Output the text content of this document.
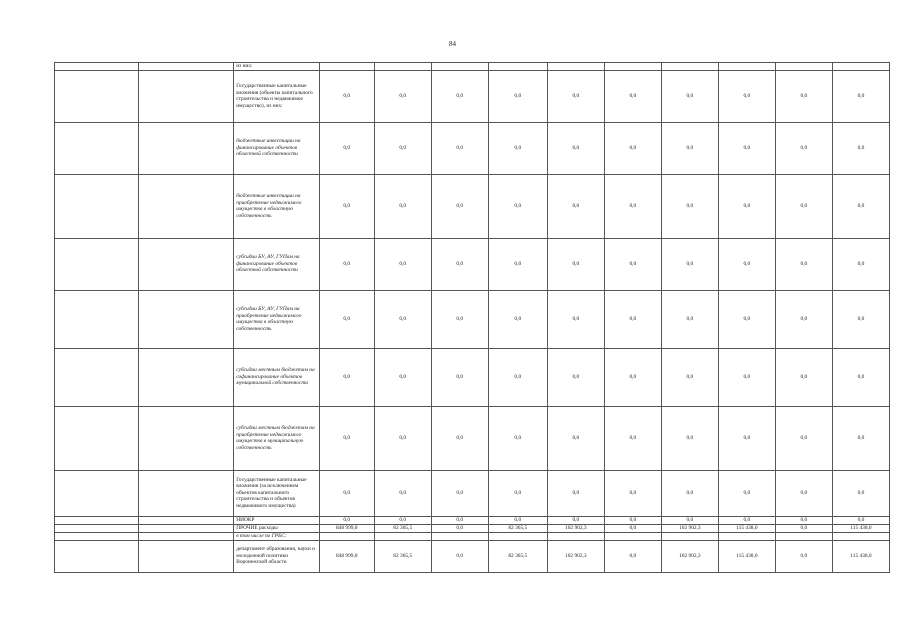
84
		из них:										
		Государственные капитальные вложения (объекты капитального строительства и недвижимое имущество), из них:	0,0	0,0	0,0	0,0	0,0	0,0	0,0	0,0	0,0	0,0
		бюджетные инвестиции на финансирование объектов областной собственности	0,0	0,0	0,0	0,0	0,0	0,0	0,0	0,0	0,0	0,0
		бюджетные инвестиции на приобретение недвижимого имущества в областную собственность	0,0	0,0	0,0	0,0	0,0	0,0	0,0	0,0	0,0	0,0
		субсидии БУ, АУ, ГУПам на финансирование объектов областной собственности	0,0	0,0	0,0	0,0	0,0	0,0	0,0	0,0	0,0	0,0
		субсидии БУ, АУ, ГУПам на приобретение недвижимого имущества в областную собственность	0,0	0,0	0,0	0,0	0,0	0,0	0,0	0,0	0,0	0,0
		субсидии местным бюджетам на софинансирование объектов муниципальной собственности	0,0	0,0	0,0	0,0	0,0	0,0	0,0	0,0	0,0	0,0
		субсидии местным бюджетам на приобретение недвижимого имущества в муниципальную собственность	0,0	0,0	0,0	0,0	0,0	0,0	0,0	0,0	0,0	0,0
		Государственные капитальные вложения (за исключением объектов капитального строительства и объектов недвижимого имущества)	0,0	0,0	0,0	0,0	0,0	0,0	0,0	0,0	0,0	0,0
		НИОКР	0,0	0,0	0,0	0,0	0,0	0,0	0,0	0,0	0,0	0,0
		ПРОЧИЕ расходы	848 999,8	82 365,5	0,0	82 365,5	102 902,3	0,0	102 902,3	115 438,0	0,0	115 438,0
		в том числе по ГРБС:										
		департамент образования, науки и молодежной политики Воронежской области	848 999,8	82 365,5	0,0	82 365,5	102 902,3	0,0	102 902,3	115 438,0	0,0	115 438,0
